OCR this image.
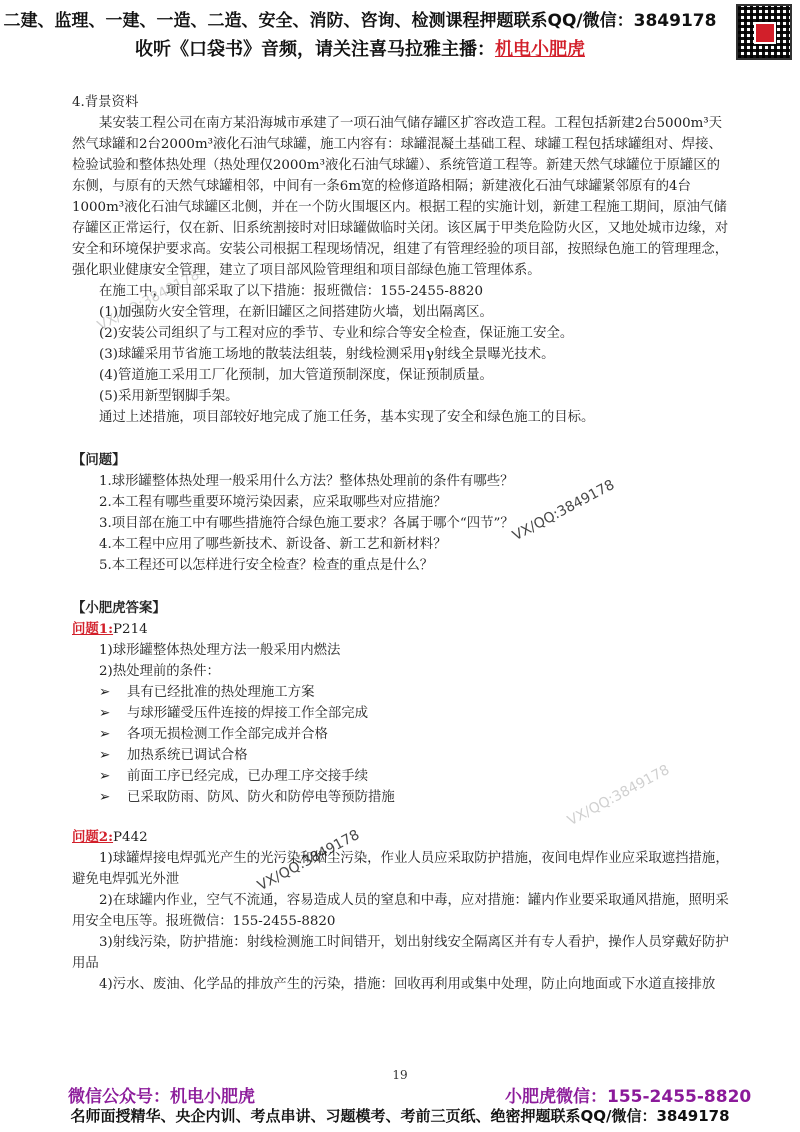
二建、监理、一建、一造、二造、安全、消防、咨询、检测课程押题联系QQ/微信：3849178
收听《口袋书》音频，请关注喜马拉雅主播：机电小肥虎
VX/QQ:3849178
VX/QQ:3849178
VX/QQ:3849178
VX/QQ:3849178

4.背景资料

某安装工程公司在南方某沿海城市承建了一项石油气储存罐区扩容改造工程。工程包括新建2台5000m³天然气球罐和2台2000m³液化石油气球罐，施工内容有：球罐混凝土基础工程、球罐工程包括球罐组对、焊接、检验试验和整体热处理（热处理仅2000m³液化石油气球罐）、系统管道工程等。新建天然气球罐位于原罐区的东侧，与原有的天然气球罐相邻，中间有一条6m宽的检修道路相隔；新建液化石油气球罐紧邻原有的4台1000m³液化石油气球罐区北侧，并在一个防火围堰区内。根据工程的实施计划，新建工程施工期间，原油气储存罐区正常运行，仅在新、旧系统割接时对旧球罐做临时关闭。该区属于甲类危险防火区，又地处城市边缘，对安全和环境保护要求高。安装公司根据工程现场情况，组建了有管理经验的项目部，按照绿色施工的管理理念，强化职业健康安全管理，建立了项目部风险管理组和项目部绿色施工管理体系。

在施工中，项目部采取了以下措施：报班微信：155-2455-8820

(1)加强防火安全管理，在新旧罐区之间搭建防火墙，划出隔离区。

(2)安装公司组织了与工程对应的季节、专业和综合等安全检查，保证施工安全。

(3)球罐采用节省施工场地的散装法组装，射线检测采用γ射线全景曝光技术。

(4)管道施工采用工厂化预制，加大管道预制深度，保证预制质量。

(5)采用新型钢脚手架。

通过上述措施，项目部较好地完成了施工任务，基本实现了安全和绿色施工的目标。

【问题】

1.球形罐整体热处理一般采用什么方法？整体热处理前的条件有哪些？

2.本工程有哪些重要环境污染因素，应采取哪些对应措施？

3.项目部在施工中有哪些措施符合绿色施工要求？各属于哪个“四节”？

4.本工程中应用了哪些新技术、新设备、新工艺和新材料？

5.本工程还可以怎样进行安全检查？检查的重点是什么？

【小肥虎答案】

问题1:P214

1)球形罐整体热处理方法一般采用内燃法

2)热处理前的条件：

➢ 具有已经批准的热处理施工方案

➢ 与球形罐受压件连接的焊接工作全部完成

➢ 各项无损检测工作全部完成并合格

➢ 加热系统已调试合格

➢ 前面工序已经完成，已办理工序交接手续

➢ 已采取防雨、防风、防火和防停电等预防措施

问题2:P442

1)球罐焊接电焊弧光产生的光污染和烟尘污染，作业人员应采取防护措施，夜间电焊作业应采取遮挡措施，避免电焊弧光外泄

2)在球罐内作业，空气不流通，容易造成人员的窒息和中毒，应对措施：罐内作业要采取通风措施，照明采用安全电压等。报班微信：155-2455-8820

3)射线污染，防护措施：射线检测施工时间错开，划出射线安全隔离区并有专人看护，操作人员穿戴好防护用品

4)污水、废油、化学品的排放产生的污染，措施：回收再利用或集中处理，防止向地面或下水道直接排放

19
微信公众号：机电小肥虎	小肥虎微信：155-2455-8820
名师面授精华、央企内训、考点串讲、习题模考、考前三页纸、绝密押题联系QQ/微信：3849178
